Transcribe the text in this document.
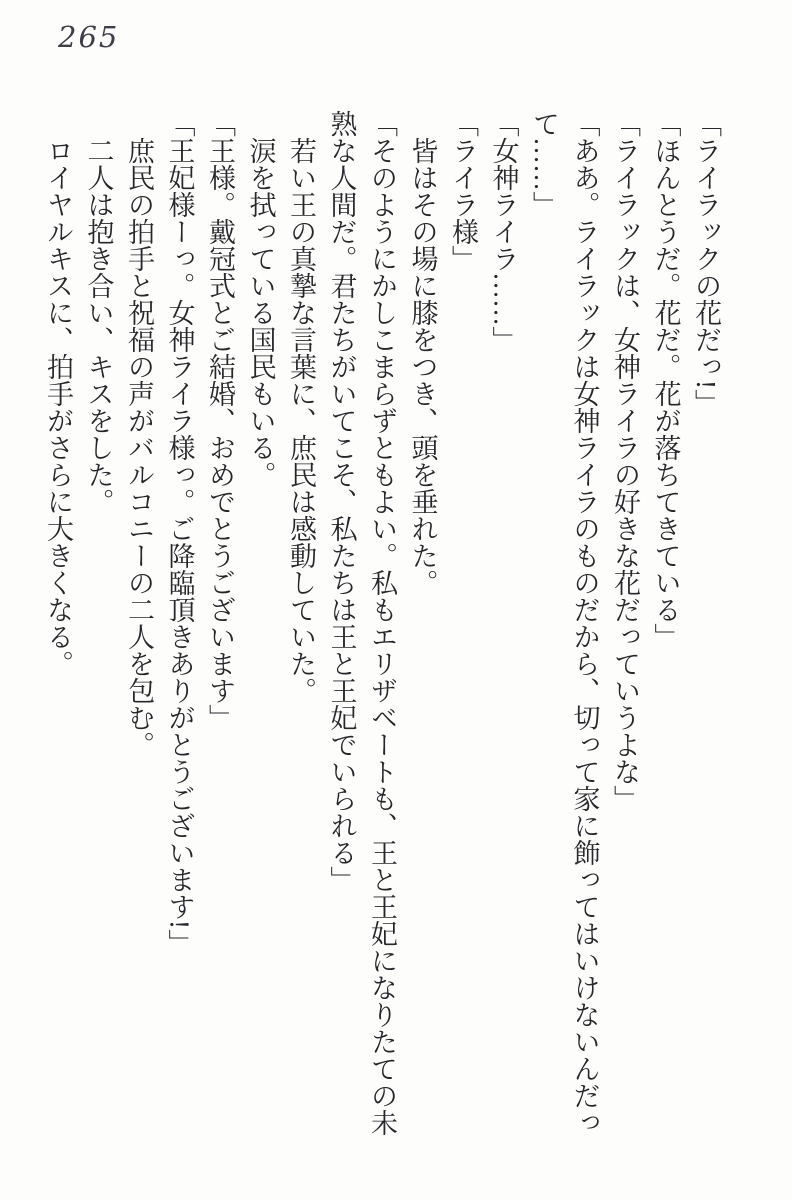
265
「ライラックの花だっ!」
「ほんとうだ。花だ。花が落ちてきている」
「ライラックは、女神ライラの好きな花だっていうよな」
「ああ。ライラックは女神ライラのものだから、切って家に飾ってはいけないんだっ
て……」
「女神ライラ……」
「ライラ様」
　皆はその場に膝をつき、頭を垂れた。
「そのようにかしこまらずともよい。私もエリザベートも、王と王妃になりたての未
熟な人間だ。君たちがいてこそ、私たちは王と王妃でいられる」
　若い王の真摯な言葉に、庶民は感動していた。
　涙を拭っている国民もいる。
「王様。戴冠式とご結婚、おめでとうございます」
「王妃様ーっ。女神ライラ様っ。ご降臨頂きありがとうございます!」
　庶民の拍手と祝福の声がバルコニーの二人を包む。
　二人は抱き合い、キスをした。
　ロイヤルキスに、拍手がさらに大きくなる。
